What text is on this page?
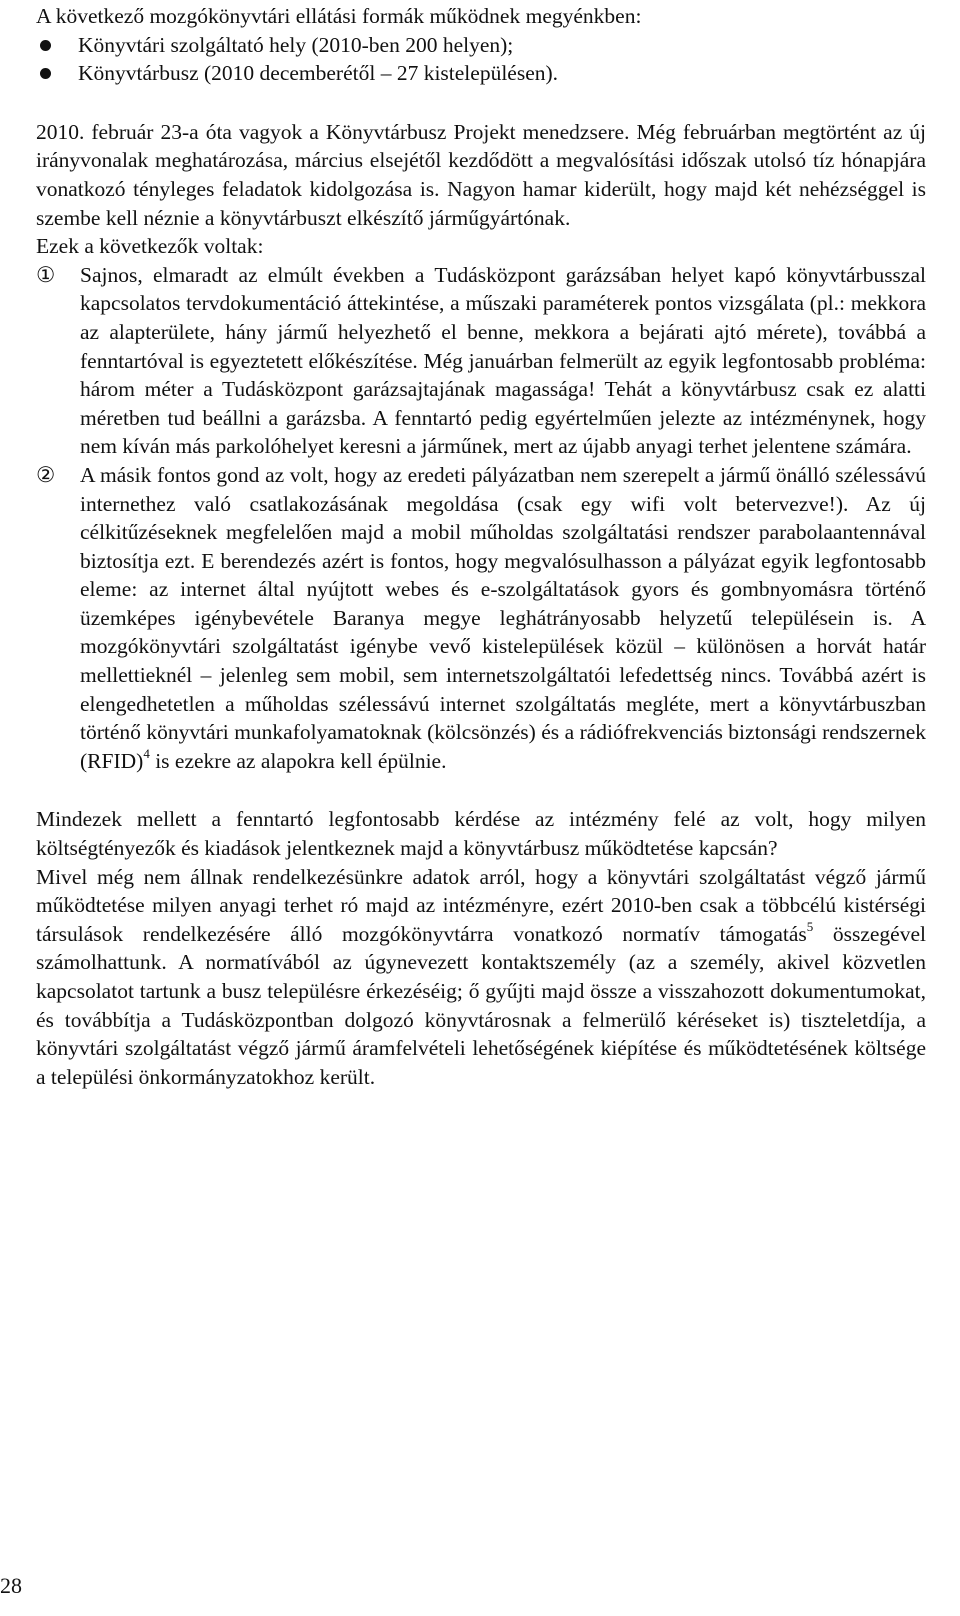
A következő mozgókönyvtári ellátási formák működnek megyénkben:

Könyvtári szolgáltató hely (2010-ben 200 helyen);
Könyvtárbusz (2010 decemberétől – 27 kistelepülésen).

2010. február 23-a óta vagyok a Könyvtárbusz Projekt menedzsere. Még februárban megtörtént az új irányvonalak meghatározása, március elsejétől kezdődött a megvalósítási időszak utolsó tíz hónapjára vonatkozó tényleges feladatok kidolgozása is. Nagyon hamar kiderült, hogy majd két nehézséggel is szembe kell néznie a könyvtárbuszt elkészítő járműgyártónak.

Ezek a következők voltak:

①	Sajnos, elmaradt az elmúlt években a Tudásközpont garázsában helyet kapó könyvtárbusszal kapcsolatos tervdokumentáció áttekintése, a műszaki paraméterek pontos vizsgálata (pl.: mekkora az alapterülete, hány jármű helyezhető el benne, mekkora a bejárati ajtó mérete), továbbá a fenntartóval is egyeztetett előkészítése. Még januárban felmerült az egyik legfontosabb probléma: három méter a Tudásközpont garázsajtajának magassága! Tehát a könyvtárbusz csak ez alatti méretben tud beállni a garázsba. A fenntartó pedig egyértelműen jelezte az intézménynek, hogy nem kíván más parkolóhelyet keresni a járműnek, mert az újabb anyagi terhet jelentene számára.
②	A másik fontos gond az volt, hogy az eredeti pályázatban nem szerepelt a jármű önálló szélessávú internethez való csatlakozásának megoldása (csak egy wifi volt betervezve!). Az új célkitűzéseknek megfelelően majd a mobil műholdas szolgáltatási rendszer parabolaantennával biztosítja ezt. E berendezés azért is fontos, hogy megvalósulhasson a pályázat egyik legfontosabb eleme: az internet által nyújtott webes és e-szolgáltatások gyors és gombnyomásra történő üzemképes igénybevétele Baranya megye leghátrányosabb helyzetű településein is. A mozgókönyvtári szolgáltatást igénybe vevő kistelepülések közül – különösen a horvát határ mellettieknél – jelenleg sem mobil, sem internetszolgáltatói lefedettség nincs. Továbbá azért is elengedhetetlen a műholdas szélessávú internet szolgáltatás megléte, mert a könyvtárbuszban történő könyvtári munkafolyamatoknak (kölcsönzés) és a rádiófrekvenciás biztonsági rendszernek (RFID)$^4$ is ezekre az alapokra kell épülnie.

Mindezek mellett a fenntartó legfontosabb kérdése az intézmény felé az volt, hogy milyen költségtényezők és kiadások jelentkeznek majd a könyvtárbusz működtetése kapcsán?

Mivel még nem állnak rendelkezésünkre adatok arról, hogy a könyvtári szolgáltatást végző jármű működtetése milyen anyagi terhet ró majd az intézményre, ezért 2010-ben csak a többcélú kistérségi társulások rendelkezésére álló mozgókönyvtárra vonatkozó normatív támogatás$^5$ összegével számolhattunk. A normatívából az úgynevezett kontaktszemély (az a személy, akivel közvetlen kapcsolatot tartunk a busz településre érkezéséig; ő gyűjti majd össze a visszahozott dokumentumokat, és továbbítja a Tudásközpontban dolgozó könyvtárosnak a felmerülő kéréseket is) tiszteletdíja, a könyvtári szolgáltatást végző jármű áramfelvételi lehetőségének kiépítése és működtetésének költsége a települési önkormányzatokhoz került.

28
